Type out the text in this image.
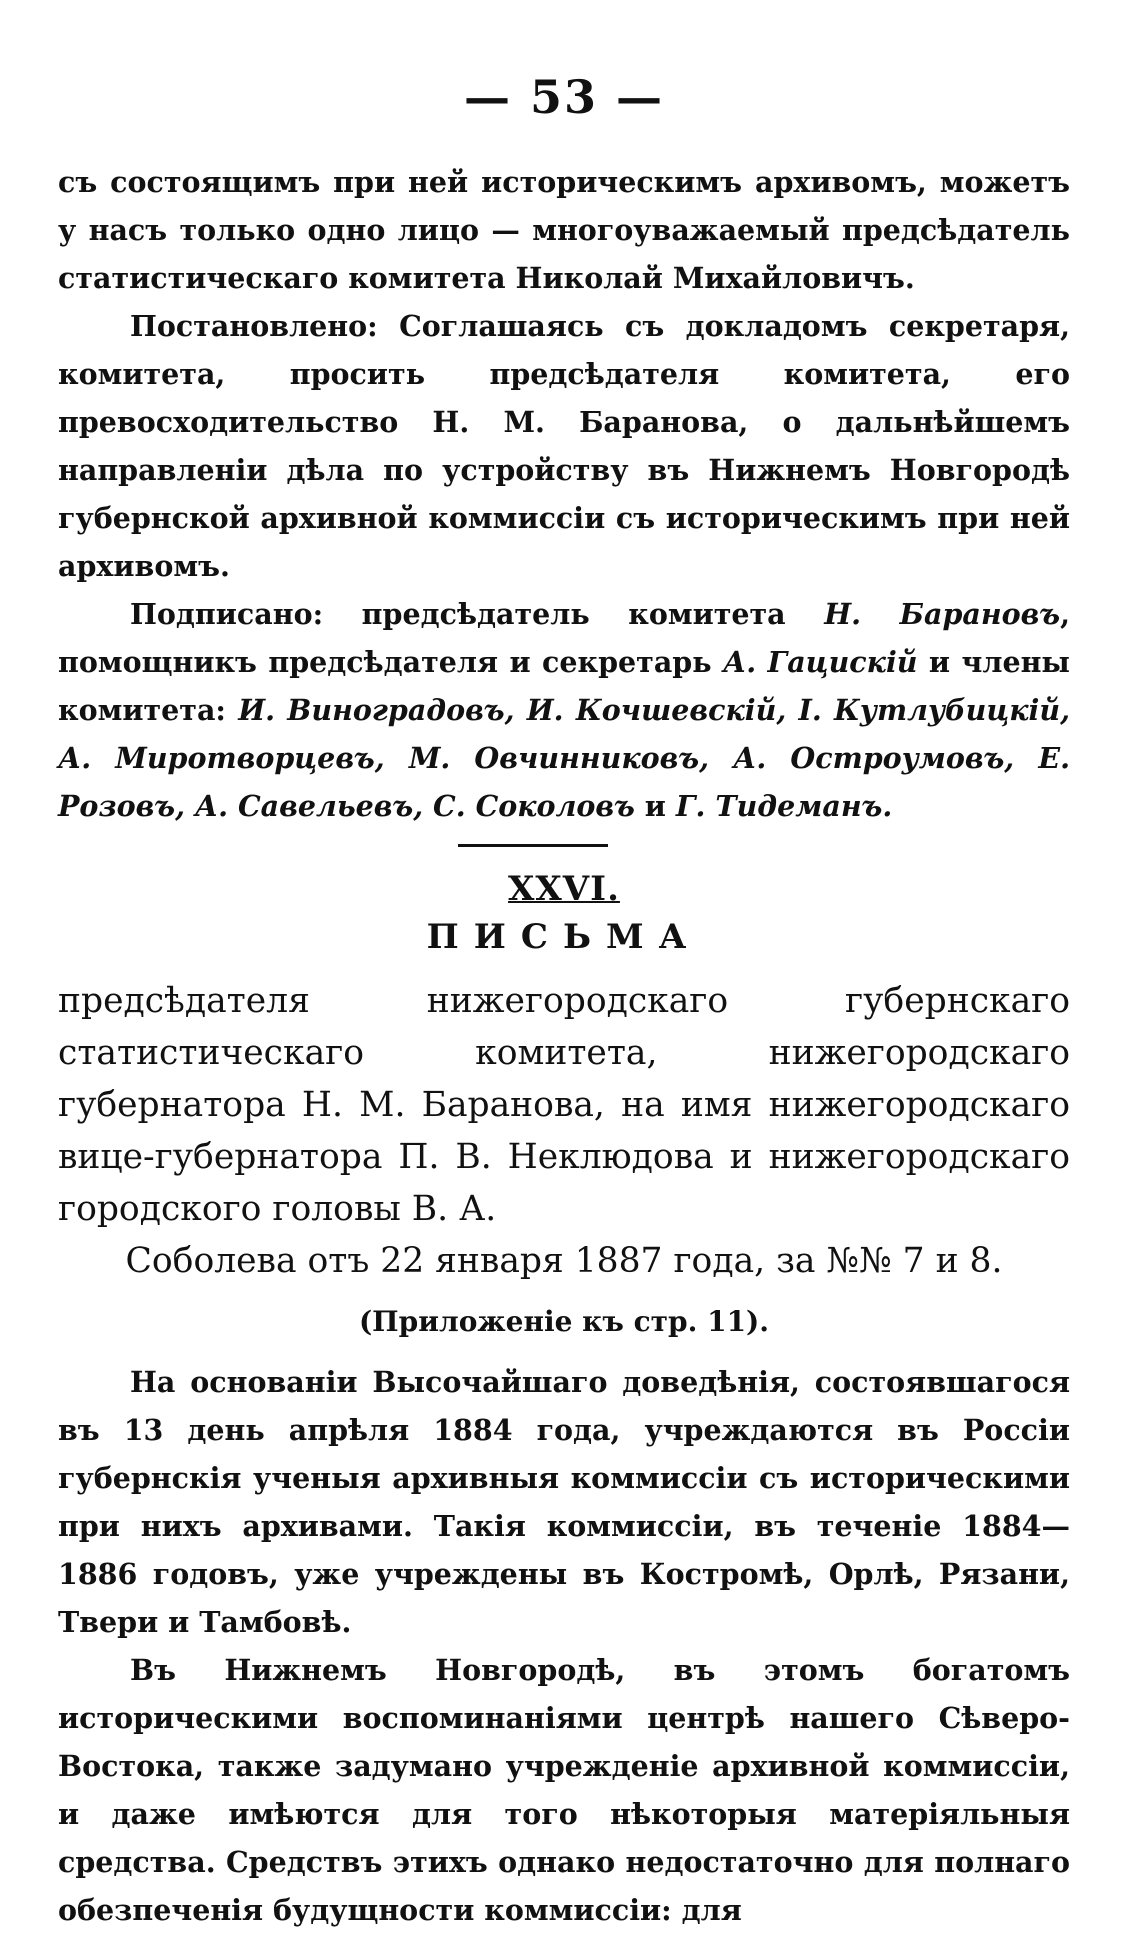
— 53 —

съ состоящимъ при ней историческимъ архивомъ, можетъ у насъ только одно лицо — многоуважаемый предсѣдатель статистическаго комитета Николай Михайловичъ.

Постановлено: Соглашаясь съ докладомъ секретаря, комитета, просить предсѣдателя комитета, его превосходительство Н. М. Баранова, о дальнѣйшемъ направленіи дѣла по устройству въ Нижнемъ Новгородѣ губернской архивной коммиссіи съ историческимъ при ней архивомъ.

Подписано: предсѣдатель комитета Н. Барановъ, помощникъ предсѣдателя и секретарь А. Гациcкій и члены комитета: И. Виноградовъ, И. Кочшевскій, І. Кутлубицкій, А. Миротворцевъ, М. Овчинниковъ, А. Остроумовъ, Е. Розовъ, А. Савельевъ, С. Соколовъ и Г. Тидеманъ.

XXVI.
ПИСЬМА

предсѣдателя нижегородскаго губернскаго статистическаго комитета, нижегородскаго губернатора Н. М. Баранова, на имя нижегородскаго вице-губернатора П. В. Неклюдова и нижегородскаго городского головы В. А.

Соболева отъ 22 января 1887 года, за №№ 7 и 8.

(Приложеніе къ стр. 11).

На основаніи Высочайшаго доведѣнія, состоявшагося въ 13 день апрѣля 1884 года, учреждаются въ Россіи губернскія ученыя архивныя коммиссіи съ историческими при нихъ архивами. Такія коммиссіи, въ теченіе 1884—1886 годовъ, уже учреждены въ Костромѣ, Орлѣ, Рязани, Твери и Тамбовѣ.

Въ Нижнемъ Новгородѣ, въ этомъ богатомъ историческими воспоминаніями центрѣ нашего Сѣверо-Востока, также задумано учрежденіе архивной коммиссіи, и даже имѣются для того нѣкоторыя матеріяльныя средства. Средствъ этихъ однако недостаточно для полнаго обезпеченія будущности коммиссіи: для
